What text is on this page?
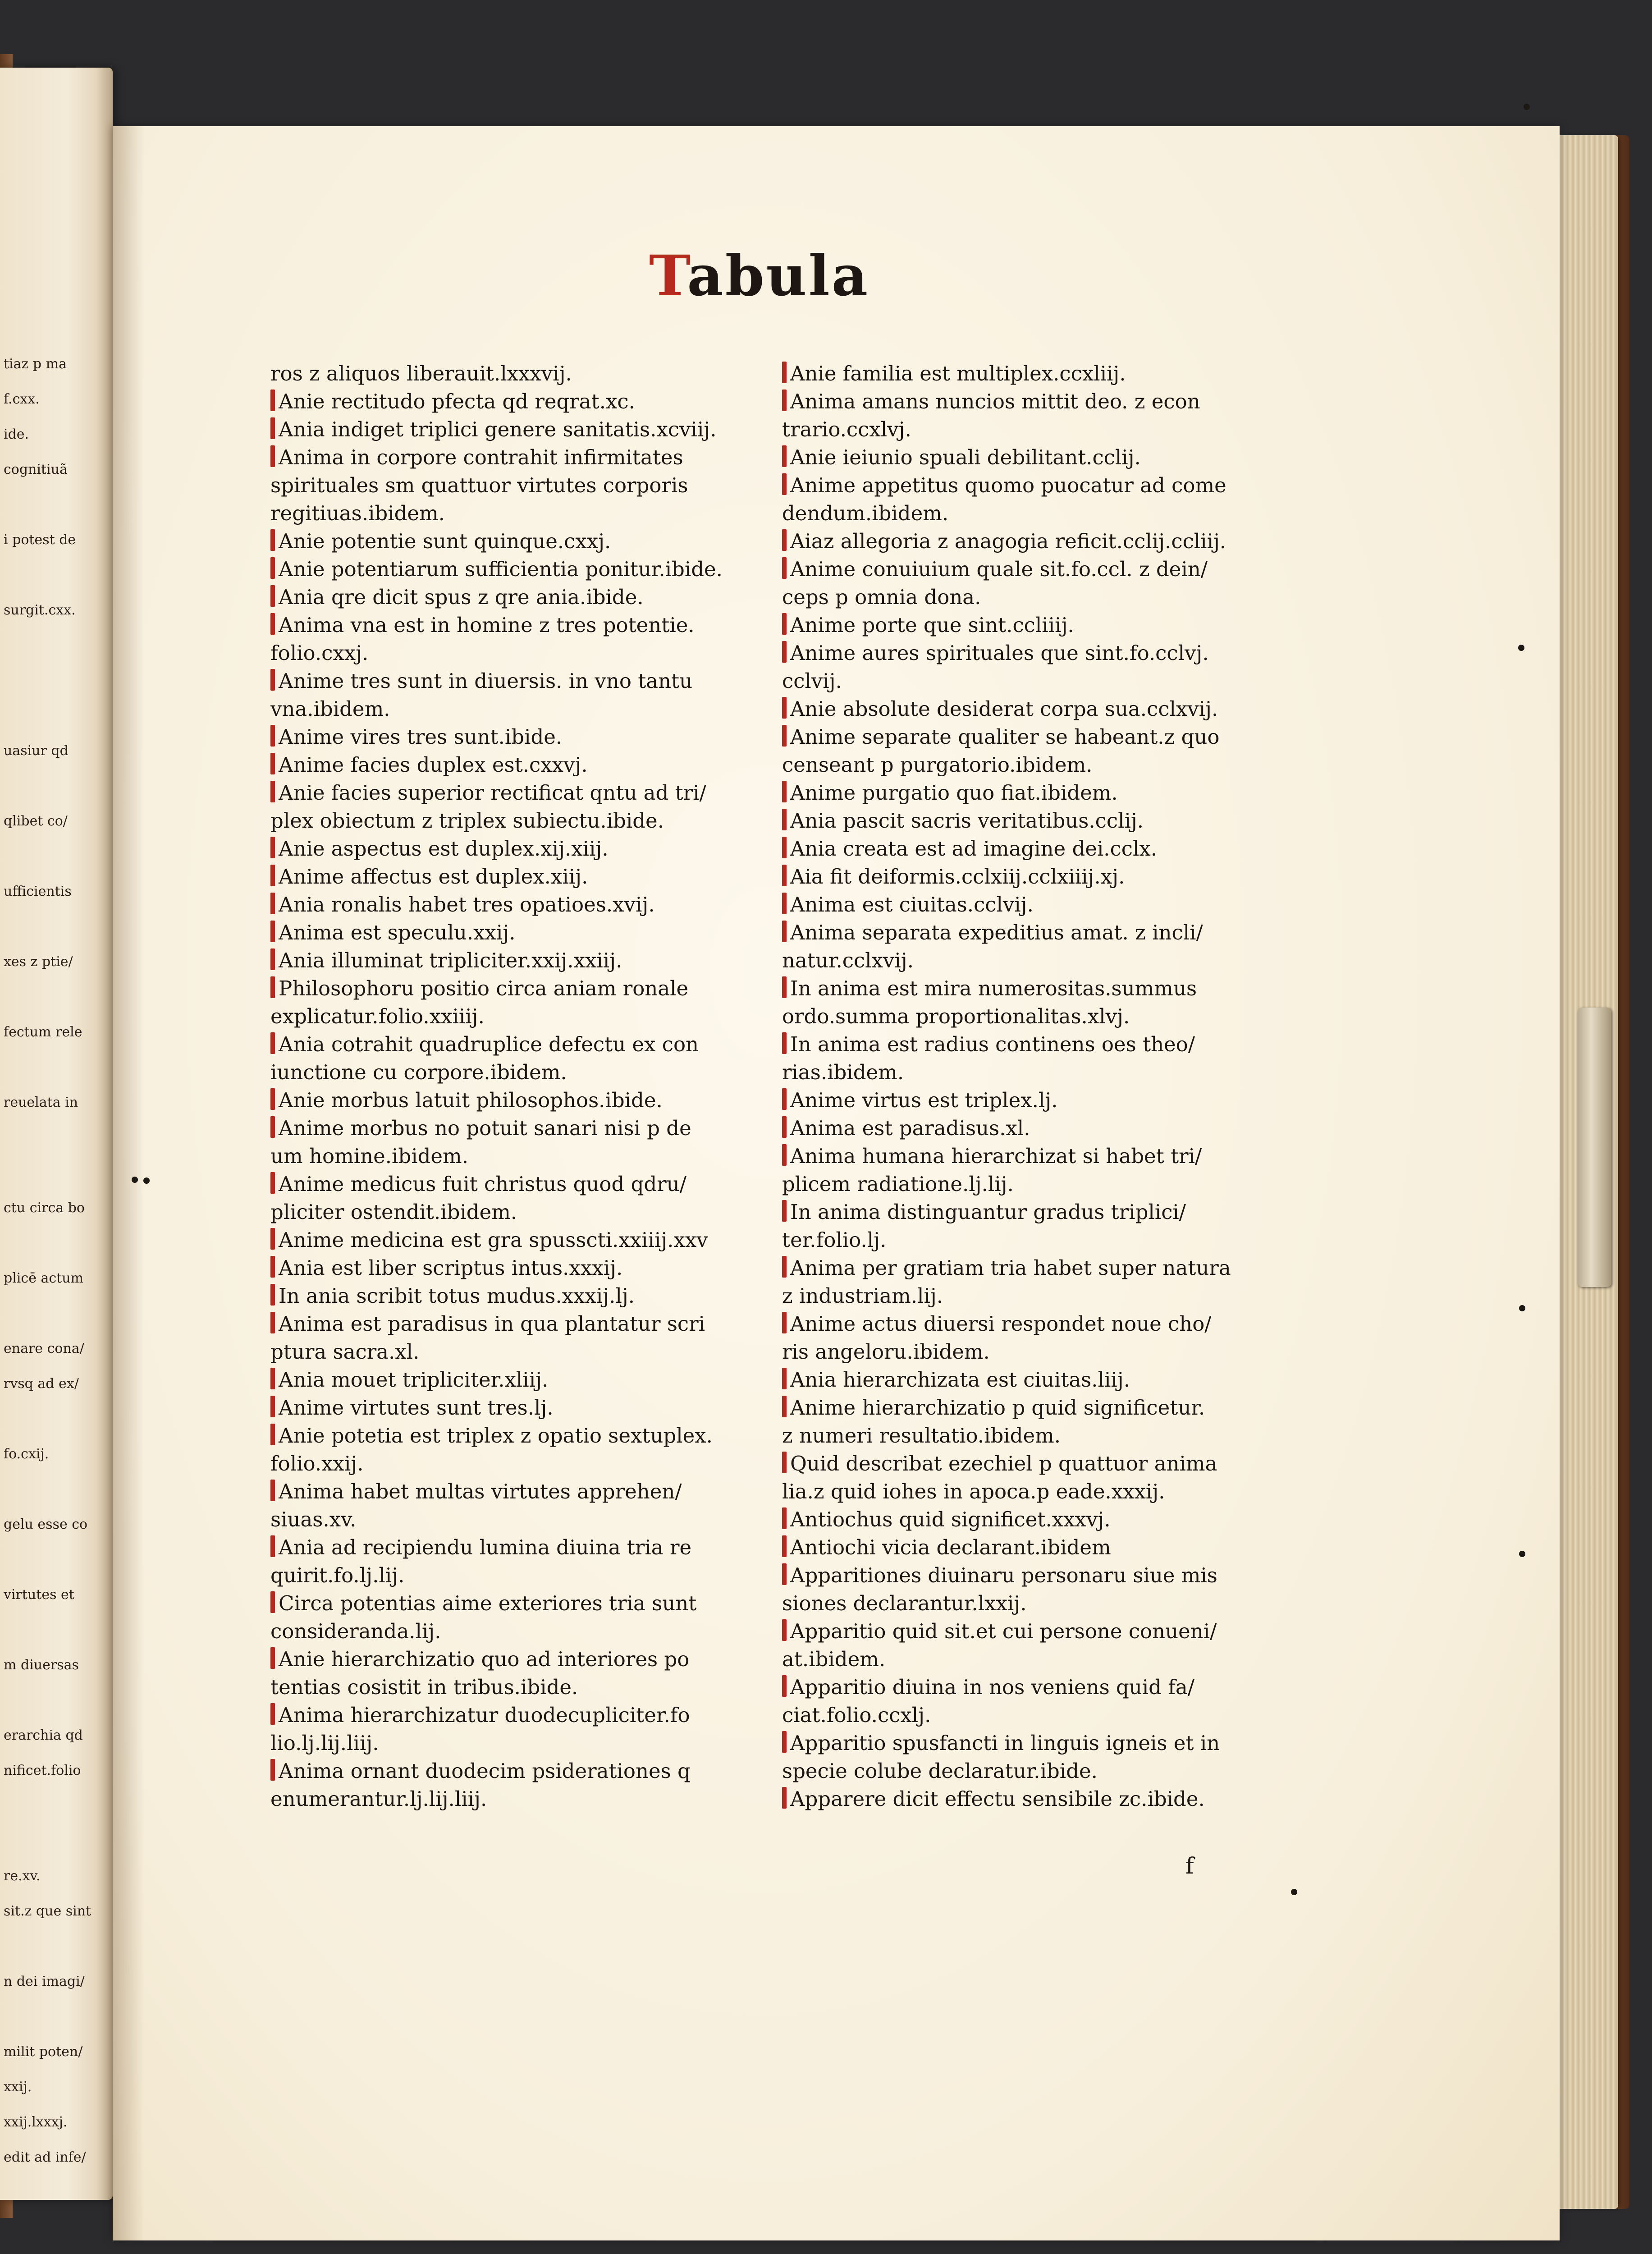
tiaz p ma
f.cxx.
ide.
cognitiuã
i potest de
surgit.cxx.
uasiur qd
qlibet co/
ufficientis
xes z ptie/
fectum rele
reuelata in
ctu circa bo
plicē actum
enare cona/
rvsq ad ex/
fo.cxij.
gelu esse co
virtutes et
m diuersas
erarchia qd
nificet.folio
re.xv.
sit.z que sint
n dei imagi/
milit poten/
xxij.
xxij.lxxxj.
edit ad infe/
Tabula
ros z aliquos liberauit.lxxxvij.
Anie rectitudo pfecta qd reqrat.xc.
Ania indiget triplici genere sanitatis.xcviij.
Anima in corpore contrahit infirmitates
spirituales sm quattuor virtutes corporis
regitiuas.ibidem.
Anie potentie sunt quinque.cxxj.
Anie potentiarum sufficientia ponitur.ibide.
Ania qre dicit spus z qre ania.ibide.
Anima vna est in homine z tres potentie.
folio.cxxj.
Anime tres sunt in diuersis. in vno tantu
vna.ibidem.
Anime vires tres sunt.ibide.
Anime facies duplex est.cxxvj.
Anie facies superior rectificat qntu ad tri/
plex obiectum z triplex subiectu.ibide.
Anie aspectus est duplex.xij.xiij.
Anime affectus est duplex.xiij.
Ania ronalis habet tres opatioes.xvij.
Anima est speculu.xxij.
Ania illuminat tripliciter.xxij.xxiij.
Philosophoru positio circa aniam ronale
explicatur.folio.xxiiij.
Ania cotrahit quadruplice defectu ex con
iunctione cu corpore.ibidem.
Anie morbus latuit philosophos.ibide.
Anime morbus no potuit sanari nisi p de
um homine.ibidem.
Anime medicus fuit christus quod qdru/
pliciter ostendit.ibidem.
Anime medicina est gra spusscti.xxiiij.xxv
Ania est liber scriptus intus.xxxij.
In ania scribit totus mudus.xxxij.lj.
Anima est paradisus in qua plantatur scri
ptura sacra.xl.
Ania mouet tripliciter.xliij.
Anime virtutes sunt tres.lj.
Anie potetia est triplex z opatio sextuplex.
folio.xxij.
Anima habet multas virtutes apprehen/
siuas.xv.
Ania ad recipiendu lumina diuina tria re
quirit.fo.lj.lij.
Circa potentias aime exteriores tria sunt
consideranda.lij.
Anie hierarchizatio quo ad interiores po
tentias cosistit in tribus.ibide.
Anima hierarchizatur duodecupliciter.fo
lio.lj.lij.liij.
Anima ornant duodecim psiderationes q
enumerantur.lj.lij.liij.
Anie familia est multiplex.ccxliij.
Anima amans nuncios mittit deo. z econ
trario.ccxlvj.
Anie ieiunio spuali debilitant.cclij.
Anime appetitus quomo puocatur ad come
dendum.ibidem.
Aiaz allegoria z anagogia reficit.cclij.ccliij.
Anime conuiuium quale sit.fo.ccl. z dein/
ceps p omnia dona.
Anime porte que sint.ccliiij.
Anime aures spirituales que sint.fo.cclvj.
cclvij.
Anie absolute desiderat corpa sua.cclxvij.
Anime separate qualiter se habeant.z quo
censeant p purgatorio.ibidem.
Anime purgatio quo fiat.ibidem.
Ania pascit sacris veritatibus.cclij.
Ania creata est ad imagine dei.cclx.
Aia fit deiformis.cclxiij.cclxiiij.xj.
Anima est ciuitas.cclvij.
Anima separata expeditius amat. z incli/
natur.cclxvij.
In anima est mira numerositas.summus
ordo.summa proportionalitas.xlvj.
In anima est radius continens oes theo/
rias.ibidem.
Anime virtus est triplex.lj.
Anima est paradisus.xl.
Anima humana hierarchizat si habet tri/
plicem radiatione.lj.lij.
In anima distinguantur gradus triplici/
ter.folio.lj.
Anima per gratiam tria habet super natura
z industriam.lij.
Anime actus diuersi respondet noue cho/
ris angeloru.ibidem.
Ania hierarchizata est ciuitas.liij.
Anime hierarchizatio p quid significetur.
z numeri resultatio.ibidem.
Quid describat ezechiel p quattuor anima
lia.z quid iohes in apoca.p eade.xxxij.
Antiochus quid significet.xxxvj.
Antiochi vicia declarant.ibidem
Apparitiones diuinaru personaru siue mis
siones declarantur.lxxij.
Apparitio quid sit.et cui persone conueni/
at.ibidem.
Apparitio diuina in nos veniens quid fa/
ciat.folio.ccxlj.
Apparitio spusfancti in linguis igneis et in
specie colube declaratur.ibide.
Apparere dicit effectu sensibile zc.ibide.
f
